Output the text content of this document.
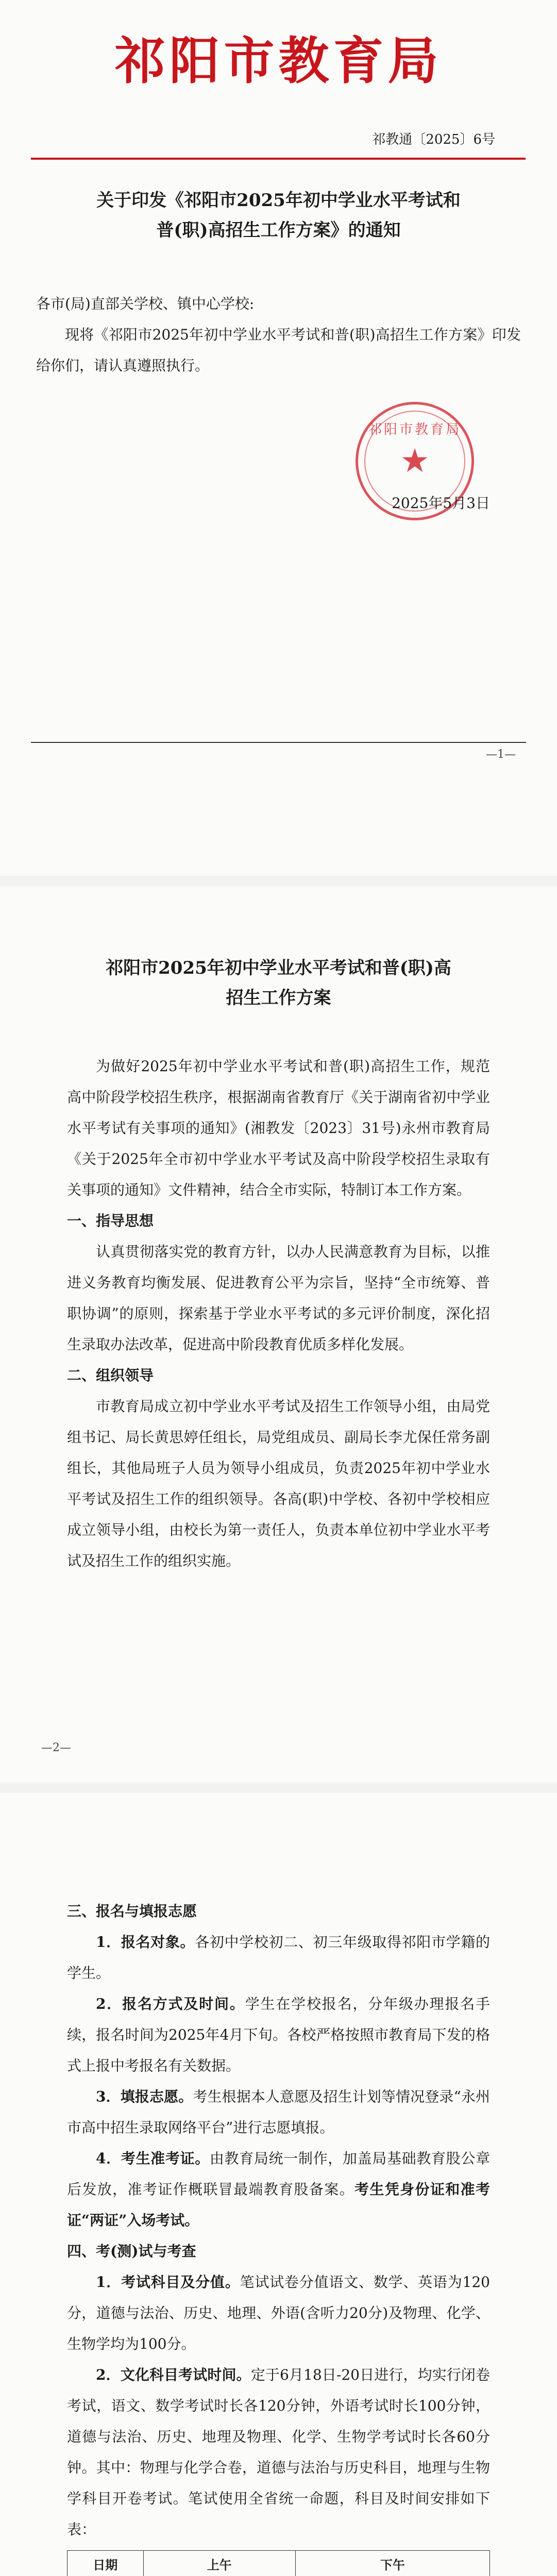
祁阳市教育局
祁教通〔2025〕6号

关于印发《祁阳市2025年初中学业水平考试和

普(职)高招生工作方案》的通知

各市(局)直部关学校、镇中心学校:
现将《祁阳市2025年初中学业水平考试和普(职)高招生工作方案》印发给你们，请认真遵照执行。
祁阳市教育局
★
2025年5月3日
—1—

祁阳市2025年初中学业水平考试和普(职)高

招生工作方案

为做好2025年初中学业水平考试和普(职)高招生工作，规范高中阶段学校招生秩序，根据湖南省教育厅《关于湖南省初中学业水平考试有关事项的通知》(湘教发〔2023〕31号)永州市教育局《关于2025年全市初中学业水平考试及高中阶段学校招生录取有关事项的通知》文件精神，结合全市实际，特制订本工作方案。
一、指导思想
认真贯彻落实党的教育方针，以办人民满意教育为目标，以推进义务教育均衡发展、促进教育公平为宗旨，坚持“全市统筹、普职协调”的原则，探索基于学业水平考试的多元评价制度，深化招生录取办法改革，促进高中阶段教育优质多样化发展。
二、组织领导
市教育局成立初中学业水平考试及招生工作领导小组，由局党组书记、局长黄思婷任组长，局党组成员、副局长李尤保任常务副组长，其他局班子人员为领导小组成员，负责2025年初中学业水平考试及招生工作的组织领导。各高(职)中学校、各初中学校相应成立领导小组，由校长为第一责任人，负责本单位初中学业水平考试及招生工作的组织实施。
—2—
三、报名与填报志愿
1．报名对象。各初中学校初二、初三年级取得祁阳市学籍的学生。
2．报名方式及时间。学生在学校报名，分年级办理报名手续，报名时间为2025年4月下旬。各校严格按照市教育局下发的格式上报中考报名有关数据。
3．填报志愿。考生根据本人意愿及招生计划等情况登录“永州市高中招生录取网络平台”进行志愿填报。
4．考生准考证。由教育局统一制作，加盖局基础教育股公章后发放，准考证作概联冒最端教育股备案。考生凭身份证和准考证“两证”入场考试。
四、考(测)试与考查
1．考试科目及分值。笔试试卷分值语文、数学、英语为120分，道德与法治、历史、地理、外语(含听力20分)及物理、化学、生物学均为100分。
2．文化科目考试时间。定于6月18日-20日进行，均实行闭卷考试，语文、数学考试时长各120分钟，外语考试时长100分钟，道德与法治、历史、地理及物理、化学、生物学考试时长各60分钟。其中：物理与化学合卷，道德与法治与历史科目，地理与生物学科目开卷考试。笔试使用全省统一命题，科目及时间安排如下表：
日期	上午	下午
